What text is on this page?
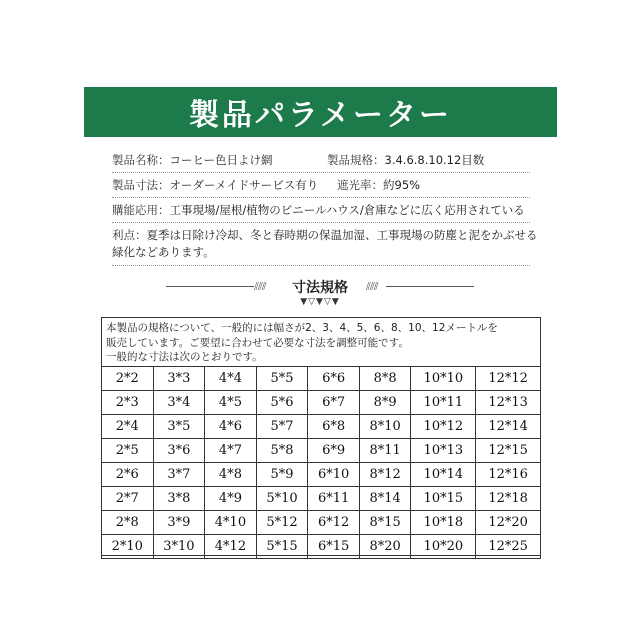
製品パラメーター
製品名称：コーヒー色日よけ網	製品規格：3.4.6.8.10.12目数
製品寸法：オーダーメイドサービス有り 遮光率：約95%
購能応用：工事現場/屋根/植物のビニールハウス/倉庫などに広く応用されている
利点：夏季は日除け冷却、冬と春時期の保温加湿、工事現場の防塵と泥をかぶせる
緑化などあります。
⫽⫽⫽	寸法規格	⫽⫽⫽
▼▽▼▽▼
本製品の規格について、一般的には幅さが2、3、4、5、6、8、10、12メートルを
販売しています。ご要望に合わせて必要な寸法を調整可能です。
一般的な寸法は次のとおりです。
2*2	3*3	4*4	5*5	6*6	8*8	10*10	12*12
2*3	3*4	4*5	5*6	6*7	8*9	10*11	12*13
2*4	3*5	4*6	5*7	6*8	8*10	10*12	12*14
2*5	3*6	4*7	5*8	6*9	8*11	10*13	12*15
2*6	3*7	4*8	5*9	6*10	8*12	10*14	12*16
2*7	3*8	4*9	5*10	6*11	8*14	10*15	12*18
2*8	3*9	4*10	5*12	6*12	8*15	10*18	12*20
2*10	3*10	4*12	5*15	6*15	8*20	10*20	12*25
